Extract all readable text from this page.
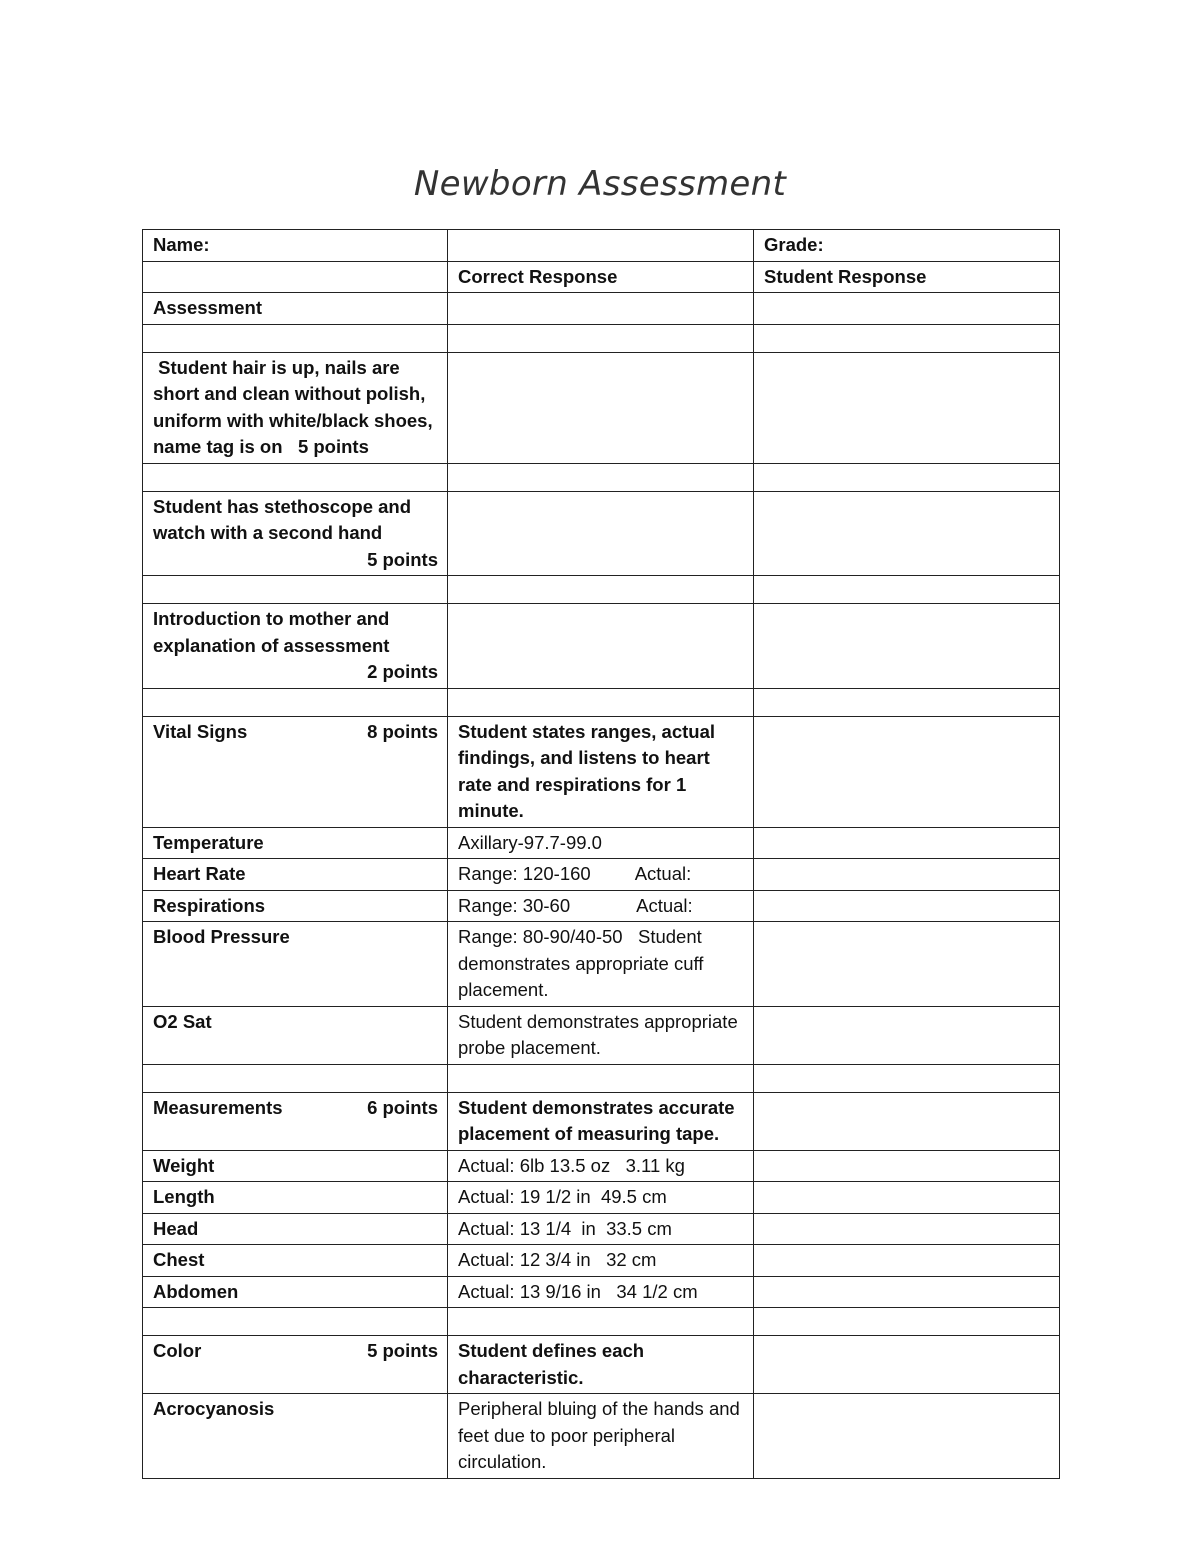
Newborn Assessment
Name:		Grade:
	Correct Response	Student Response
Assessment		

Student hair is up, nails are short and clean without polish, uniform with white/black shoes, name tag is on 5 points		

Student has stethoscope and watch with a second hand
5 points		

Introduction to mother and explanation of assessment
2 points		

Vital Signs 8 points	Student states ranges, actual findings, and listens to heart rate and respirations for 1 minute.	
Temperature	Axillary-97.7-99.0	
Heart Rate	Range: 120-160 Actual:	
Respirations	Range: 30-60 Actual:	
Blood Pressure	Range: 80-90/40-50   Student demonstrates appropriate cuff placement.	
O2 Sat	Student demonstrates appropriate probe placement.	

Measurements 6 points	Student demonstrates accurate placement of measuring tape.	
Weight	Actual: 6lb 13.5 oz   3.11 kg	
Length	Actual: 19 1/2 in  49.5 cm	
Head	Actual: 13 1/4  in  33.5 cm	
Chest	Actual: 12 3/4 in   32 cm	
Abdomen	Actual: 13 9/16 in   34 1/2 cm	

Color 5 points	Student defines each characteristic.	
Acrocyanosis	Peripheral bluing of the hands and feet due to poor peripheral circulation.	
